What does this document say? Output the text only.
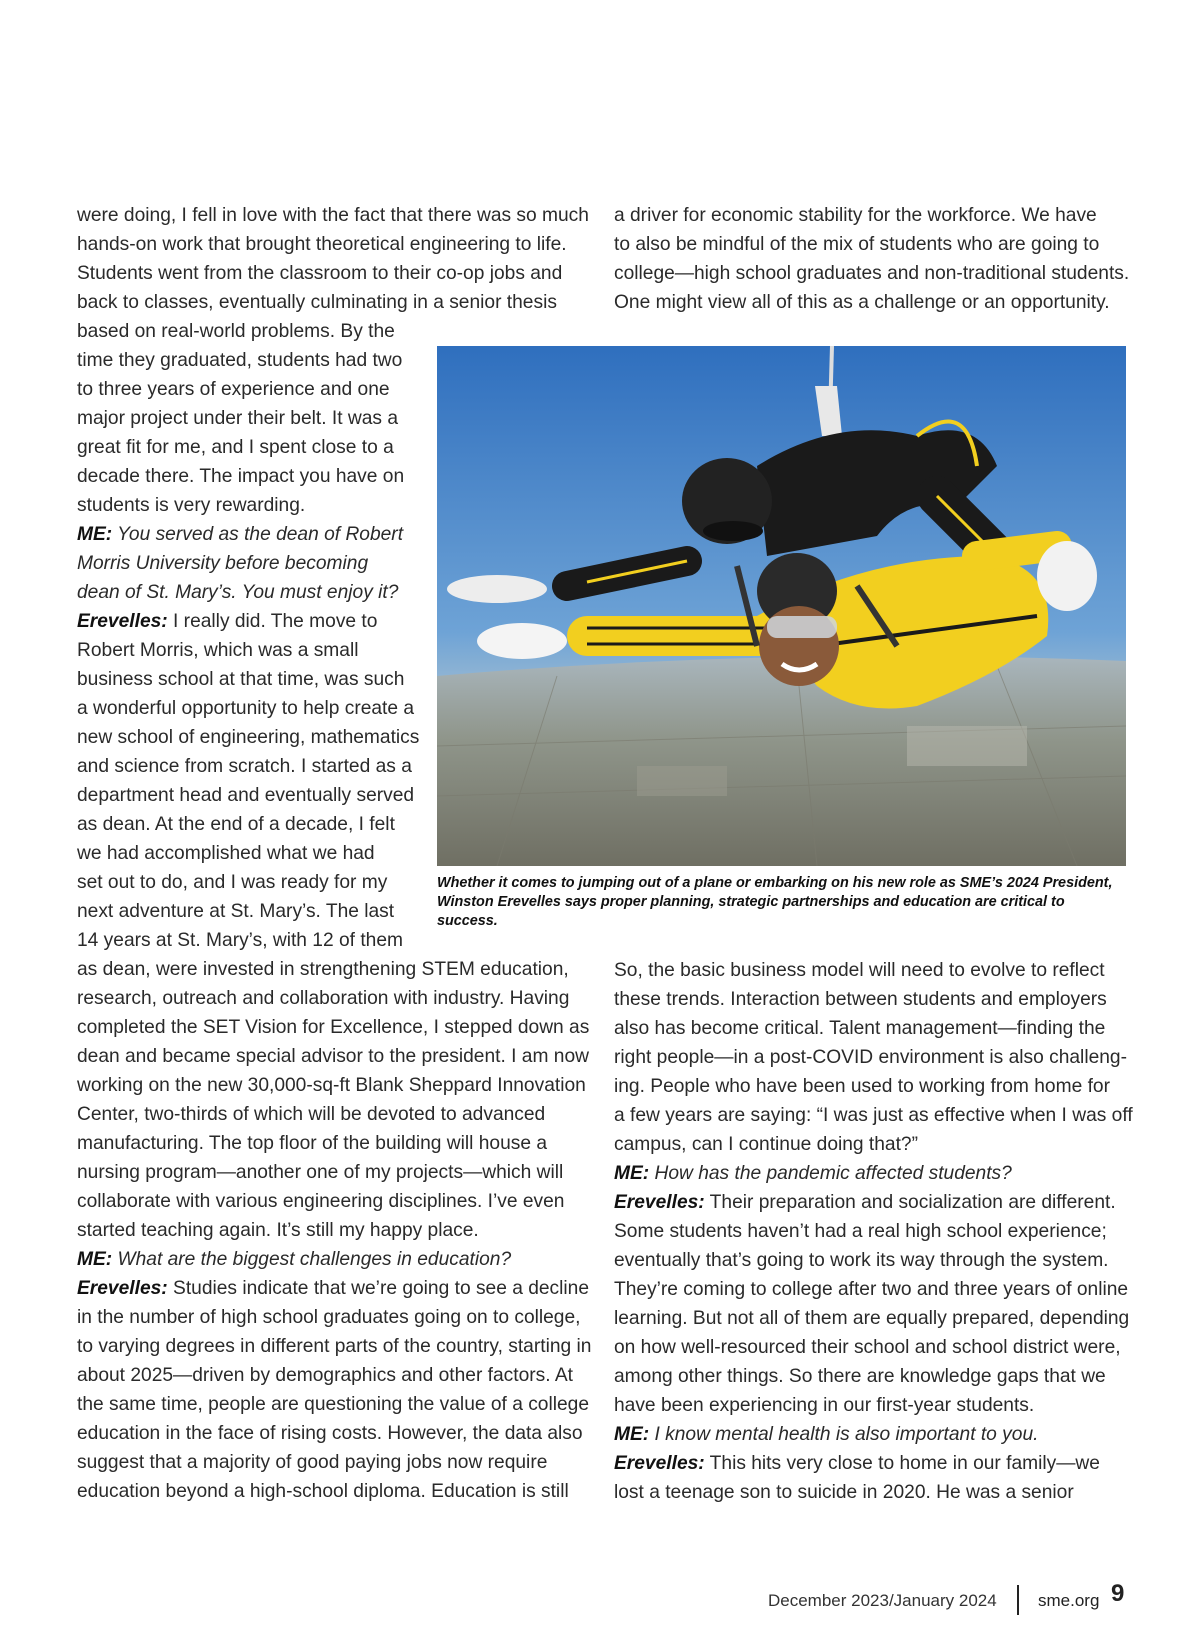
were doing, I fell in love with the fact that there was so much
hands-on work that brought theoretical engineering to life.
Students went from the classroom to their co-op jobs and
back to classes, eventually culminating in a senior thesis
based on real-world problems. By the
time they graduated, students had two
to three years of experience and one
major project under their belt. It was a
great fit for me, and I spent close to a
decade there. The impact you have on
students is very rewarding.
ME: You served as the dean of Robert
Morris University before becoming
dean of St. Mary’s. You must enjoy it?
Erevelles: I really did. The move to
Robert Morris, which was a small
business school at that time, was such
a wonderful opportunity to help create a
new school of engineering, mathematics
and science from scratch. I started as a
department head and eventually served
as dean. At the end of a decade, I felt
we had accomplished what we had
set out to do, and I was ready for my
next adventure at St. Mary’s. The last
14 years at St. Mary’s, with 12 of them
as dean, were invested in strengthening STEM education,
research, outreach and collaboration with industry. Having
completed the SET Vision for Excellence, I stepped down as
dean and became special advisor to the president. I am now
working on the new 30,000-sq-ft Blank Sheppard Innovation
Center, two-thirds of which will be devoted to advanced
manufacturing. The top floor of the building will house a
nursing program—another one of my projects—which will
collaborate with various engineering disciplines. I’ve even
started teaching again. It’s still my happy place.
ME: What are the biggest challenges in education?
Erevelles: Studies indicate that we’re going to see a decline
in the number of high school graduates going on to college,
to varying degrees in different parts of the country, starting in
about 2025—driven by demographics and other factors. At
the same time, people are questioning the value of a college
education in the face of rising costs. However, the data also
suggest that a majority of good paying jobs now require
education beyond a high-school diploma. Education is still
a driver for economic stability for the workforce. We have
to also be mindful of the mix of students who are going to
college—high school graduates and non-traditional students.
One might view all of this as a challenge or an opportunity.
Whether it comes to jumping out of a plane or embarking on his new role as SME’s 2024 President, Winston Erevelles says proper planning, strategic partnerships and education are critical to success.
So, the basic business model will need to evolve to reflect
these trends. Interaction between students and employers
also has become critical. Talent management—finding the
right people—in a post-COVID environment is also challeng-
ing. People who have been used to working from home for
a few years are saying: “I was just as effective when I was off
campus, can I continue doing that?”
ME: How has the pandemic affected students?
Erevelles: Their preparation and socialization are different.
Some students haven’t had a real high school experience;
eventually that’s going to work its way through the system.
They’re coming to college after two and three years of online
learning. But not all of them are equally prepared, depending
on how well-resourced their school and school district were,
among other things. So there are knowledge gaps that we
have been experiencing in our first-year students.
ME: I know mental health is also important to you.
Erevelles: This hits very close to home in our family—we
lost a teenage son to suicide in 2020. He was a senior
December 2023/January 2024 sme.org 9
